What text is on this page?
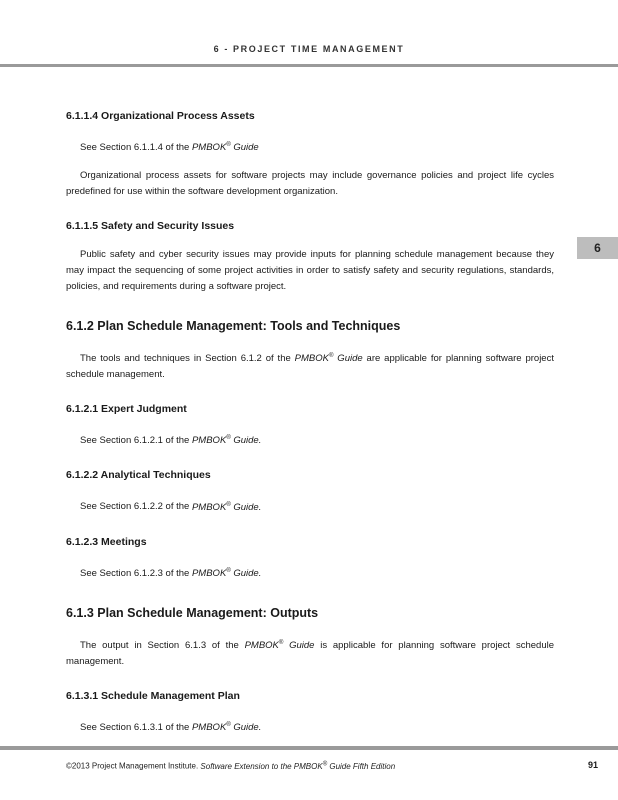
6 - PROJECT TIME MANAGEMENT
6
6.1.1.4 Organizational Process Assets

See Section 6.1.1.4 of the PMBOK® Guide

Organizational process assets for software projects may include governance policies and project life cycles predefined for use within the software development organization.

6.1.1.5 Safety and Security Issues

Public safety and cyber security issues may provide inputs for planning schedule management because they may impact the sequencing of some project activities in order to satisfy safety and security regulations, standards, policies, and requirements during a software project.

6.1.2 Plan Schedule Management: Tools and Techniques

The tools and techniques in Section 6.1.2 of the PMBOK® Guide are applicable for planning software project schedule management.

6.1.2.1 Expert Judgment

See Section 6.1.2.1 of the PMBOK® Guide.

6.1.2.2 Analytical Techniques

See Section 6.1.2.2 of the PMBOK® Guide.

6.1.2.3 Meetings

See Section 6.1.2.3 of the PMBOK® Guide.

6.1.3 Plan Schedule Management: Outputs

The output in Section 6.1.3 of the PMBOK® Guide is applicable for planning software project schedule management.

6.1.3.1 Schedule Management Plan

See Section 6.1.3.1 of the PMBOK® Guide.

©2013 Project Management Institute. Software Extension to the PMBOK® Guide Fifth Edition	91
